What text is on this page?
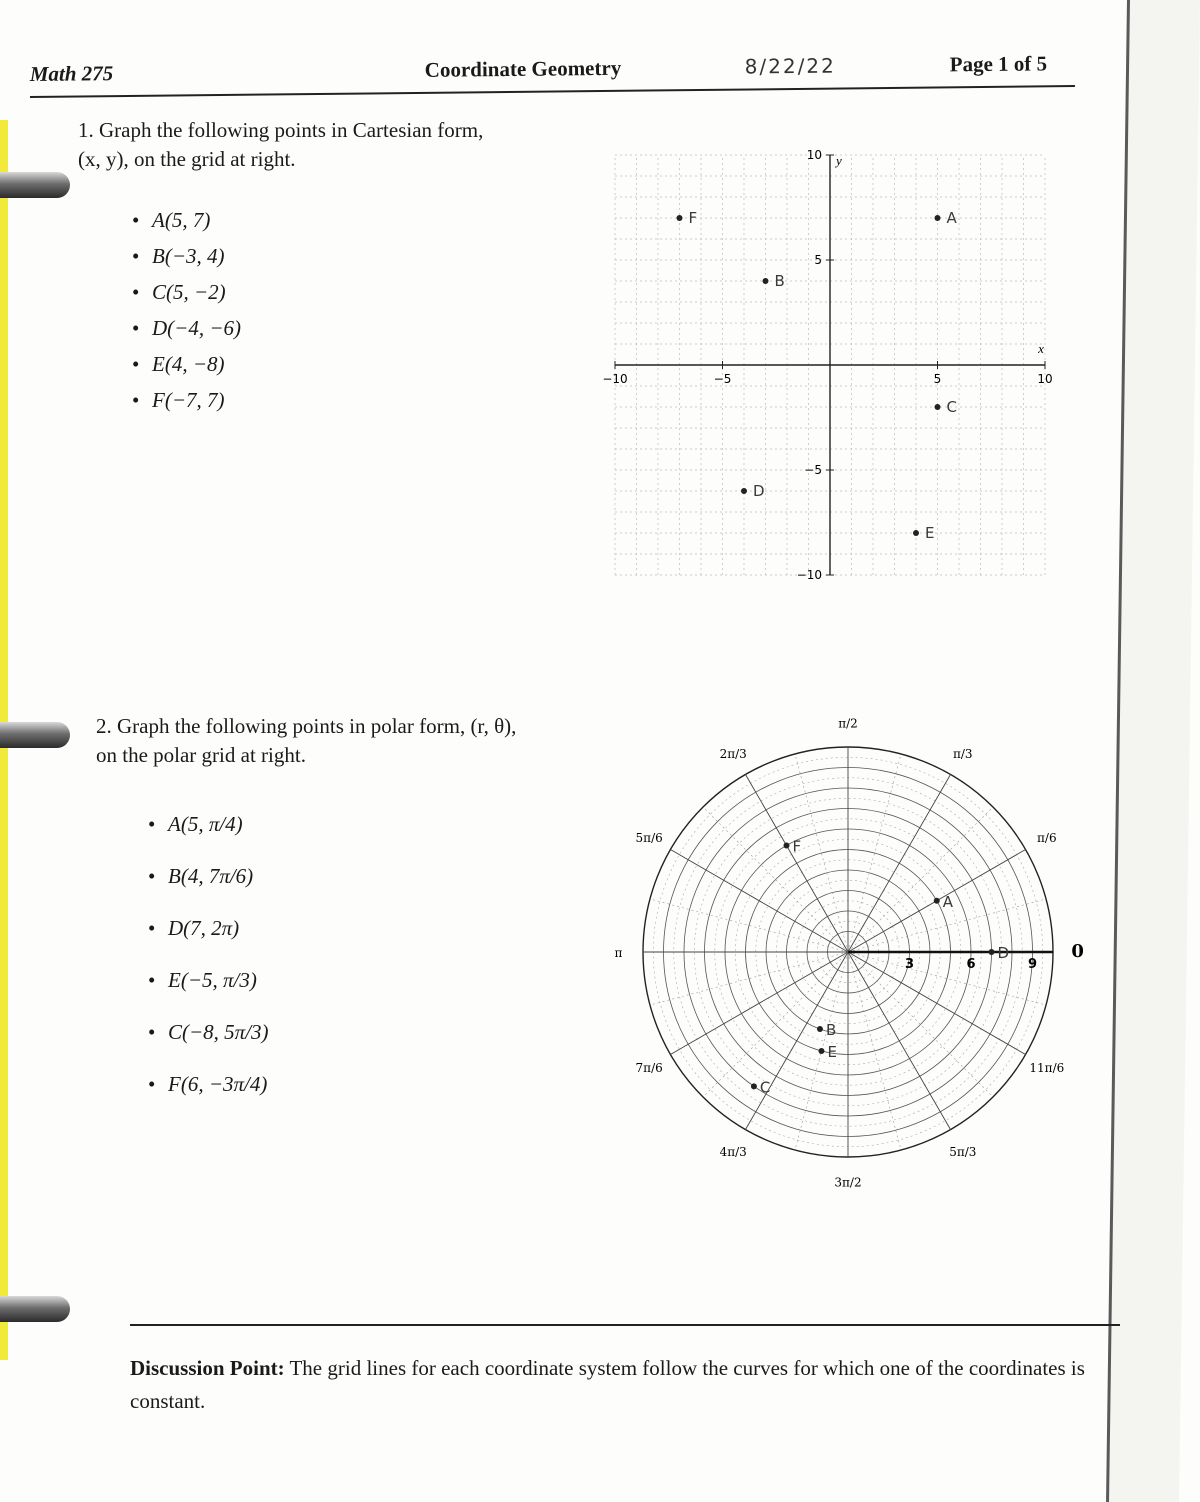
Math 275	Coordinate Geometry	8/22/22	Page 1 of 5
1. Graph the following points in Cartesian form, (x, y), on the grid at right.
• A(5, 7)
• B(−3, 4)
• C(5, −2)
• D(−4, −6)
• E(4, −8)
• F(−7, 7)
−10
−10
−5
−5
5
5
10
10
x
y
A
B
C
D
E
F
2. Graph the following points in polar form, (r, θ), on the polar grid at right.
• A(5, π/4)
• B(4, 7π/6)
• D(7, 2π)
• E(−5, π/3)
• C(−8, 5π/3)
• F(6, −3π/4)
3	6	9
0
π/6
π/3
π/2
2π/3
5π/6
π
7π/6
4π/3
3π/2
5π/3
11π/6
A
B
D
E
C
F
Discussion Point: The grid lines for each coordinate system follow the curves for which one of the coordinates is constant.
